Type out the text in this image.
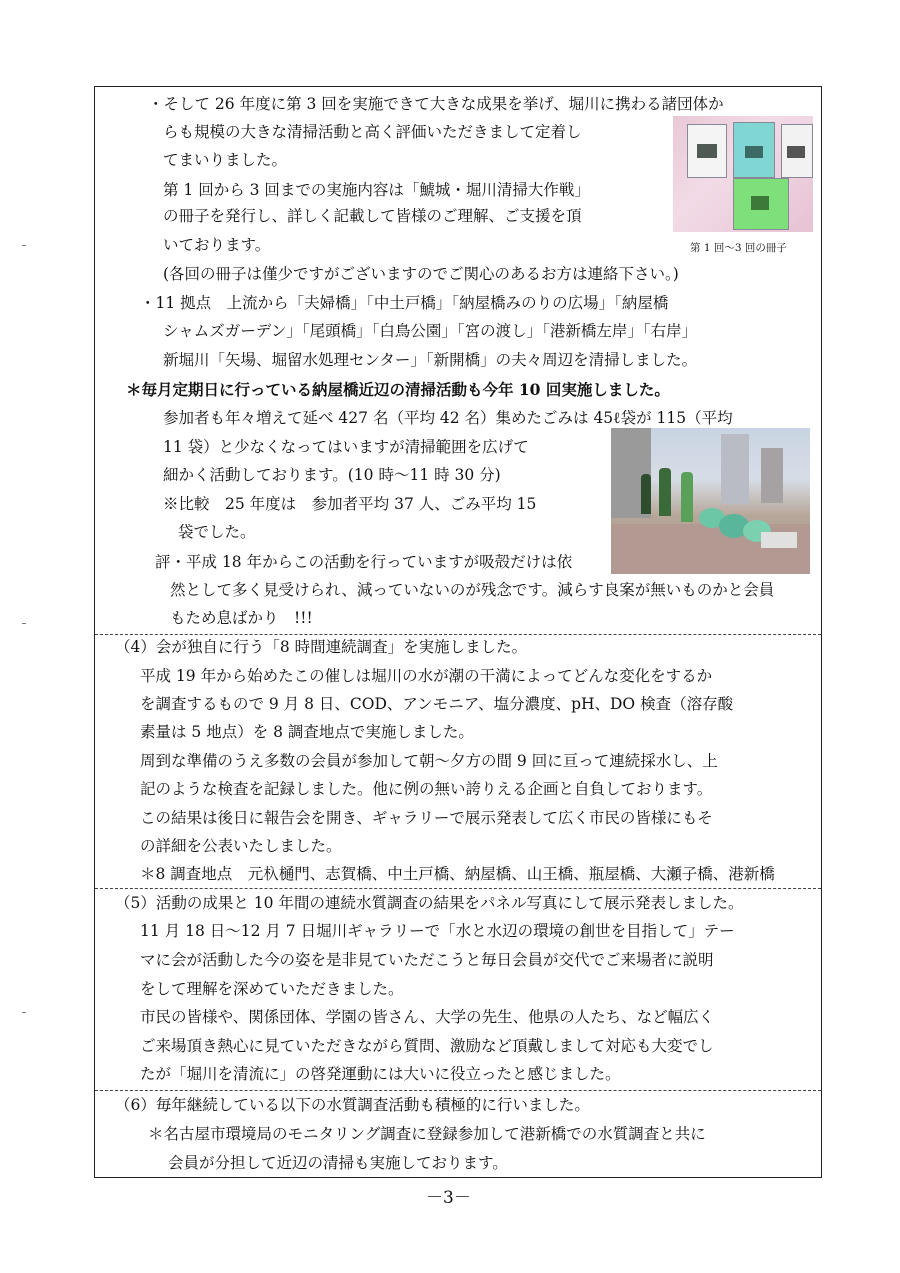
第 1 回～3 回の冊子
・そして 26 年度に第 3 回を実施できて大きな成果を挙げ、堀川に携わる諸団体か
らも規模の大きな清掃活動と高く評価いただきまして定着し
てまいりました。
第 1 回から 3 回までの実施内容は「鯱城・堀川清掃大作戦」
の冊子を発行し、詳しく記載して皆様のご理解、ご支援を頂
いております。
(各回の冊子は僅少ですがございますのでご関心のあるお方は連絡下さい。)
・11 拠点　上流から「夫婦橋」「中土戸橋」「納屋橋みのりの広場」「納屋橋
シャムズガーデン」「尾頭橋」「白鳥公園」「宮の渡し」「港新橋左岸」「右岸」
新堀川「矢場、堀留水処理センター」「新開橋」の夫々周辺を清掃しました。
＊毎月定期日に行っている納屋橋近辺の清掃活動も今年 10 回実施しました。
参加者も年々増えて延べ 427 名（平均 42 名）集めたごみは 45ℓ袋が 115（平均
11 袋）と少なくなってはいますが清掃範囲を広げて
細かく活動しております。(10 時～11 時 30 分)
※比較　25 年度は　参加者平均 37 人、ごみ平均 15
袋でした。
評・平成 18 年からこの活動を行っていますが吸殻だけは依
然として多く見受けられ、減っていないのが残念です。減らす良案が無いものかと会員
もため息ばかり　!!!
（4）会が独自に行う「8 時間連続調査」を実施しました。
平成 19 年から始めたこの催しは堀川の水が潮の干満によってどんな変化をするか
を調査するもので 9 月 8 日、COD、アンモニア、塩分濃度、pH、DO 検査（溶存酸
素量は 5 地点）を 8 調査地点で実施しました。
周到な準備のうえ多数の会員が参加して朝～夕方の間 9 回に亘って連続採水し、上
記のような検査を記録しました。他に例の無い誇りえる企画と自負しております。
この結果は後日に報告会を開き、ギャラリーで展示発表して広く市民の皆様にもそ
の詳細を公表いたしました。
＊8 調査地点　元杁樋門、志賀橋、中土戸橋、納屋橋、山王橋、瓶屋橋、大瀬子橋、港新橋
（5）活動の成果と 10 年間の連続水質調査の結果をパネル写真にして展示発表しました。
11 月 18 日～12 月 7 日堀川ギャラリーで「水と水辺の環境の創世を目指して」テー
マに会が活動した今の姿を是非見ていただこうと毎日会員が交代でご来場者に説明
をして理解を深めていただきました。
市民の皆様や、関係団体、学園の皆さん、大学の先生、他県の人たち、など幅広く
ご来場頂き熱心に見ていただきながら質問、激励など頂戴しまして対応も大変でし
たが「堀川を清流に」の啓発運動には大いに役立ったと感じました。
（6）毎年継続している以下の水質調査活動も積極的に行いました。
＊名古屋市環境局のモニタリング調査に登録参加して港新橋での水質調査と共に
会員が分担して近辺の清掃も実施しております。
－3－
